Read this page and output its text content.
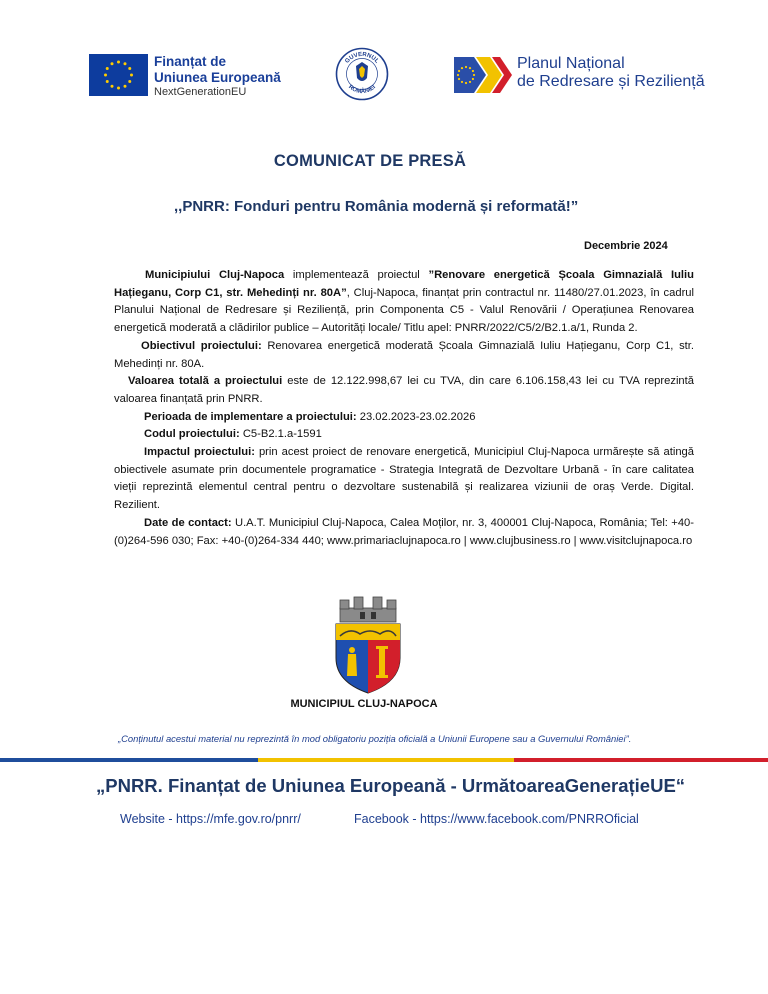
Finanțat de
Uniunea Europeană
NextGenerationEU
GUVERNUL
ROMÂNIEI
Planul Național
de Redresare și Reziliență
COMUNICAT DE PRESĂ
,,PNRR: Fonduri pentru România modernă și reformată!”
Decembrie 2024

Municipiului Cluj-Napoca implementează proiectul ”Renovare energetică Școala Gimnazială Iuliu Hațieganu, Corp C1, str. Mehedinți nr. 80A”, Cluj-Napoca, finanțat prin contractul nr. 11480/27.01.2023, în cadrul Planului Național de Redresare și Reziliență, prin Componenta C5 - Valul Renovării / Operațiunea Renovarea energetică moderată a clădirilor publice – Autorități locale/ Titlu apel: PNRR/2022/C5/2/B2.1.a/1, Runda 2.

Obiectivul proiectului: Renovarea energetică moderată Școala Gimnazială Iuliu Hațieganu, Corp C1, str. Mehedinți nr. 80A.

Valoarea totală a proiectului este de 12.122.998,67 lei cu TVA, din care 6.106.158,43 lei cu TVA reprezintă valoarea finanțată prin PNRR.

Perioada de implementare a proiectului: 23.02.2023-23.02.2026

Codul proiectului: C5-B2.1.a-1591

Impactul proiectului: prin acest proiect de renovare energetică, Municipiul Cluj-Napoca urmărește să atingă obiectivele asumate prin documentele programatice - Strategia Integrată de Dezvoltare Urbană - în care calitatea vieții reprezintă elementul central pentru o dezvoltare sustenabilă și realizarea viziunii de oraș Verde. Digital. Rezilient.

Date de contact: U.A.T. Municipiul Cluj-Napoca, Calea Moților, nr. 3, 400001 Cluj-Napoca, România; Tel: +40-(0)264-596 030; Fax: +40-(0)264-334 440; www.primariaclujnapoca.ro | www.clujbusiness.ro | www.visitclujnapoca.ro

MUNICIPIUL CLUJ-NAPOCA
„Conținutul acestui material nu reprezintă în mod obligatoriu poziția oficială a Uniunii Europene sau a Guvernului României”.
„PNRR. Finanțat de Uniunea Europeană - UrmătoareaGenerațieUE“
Website - https://mfe.gov.ro/pnrr/	Facebook - https://www.facebook.com/PNRROficial
